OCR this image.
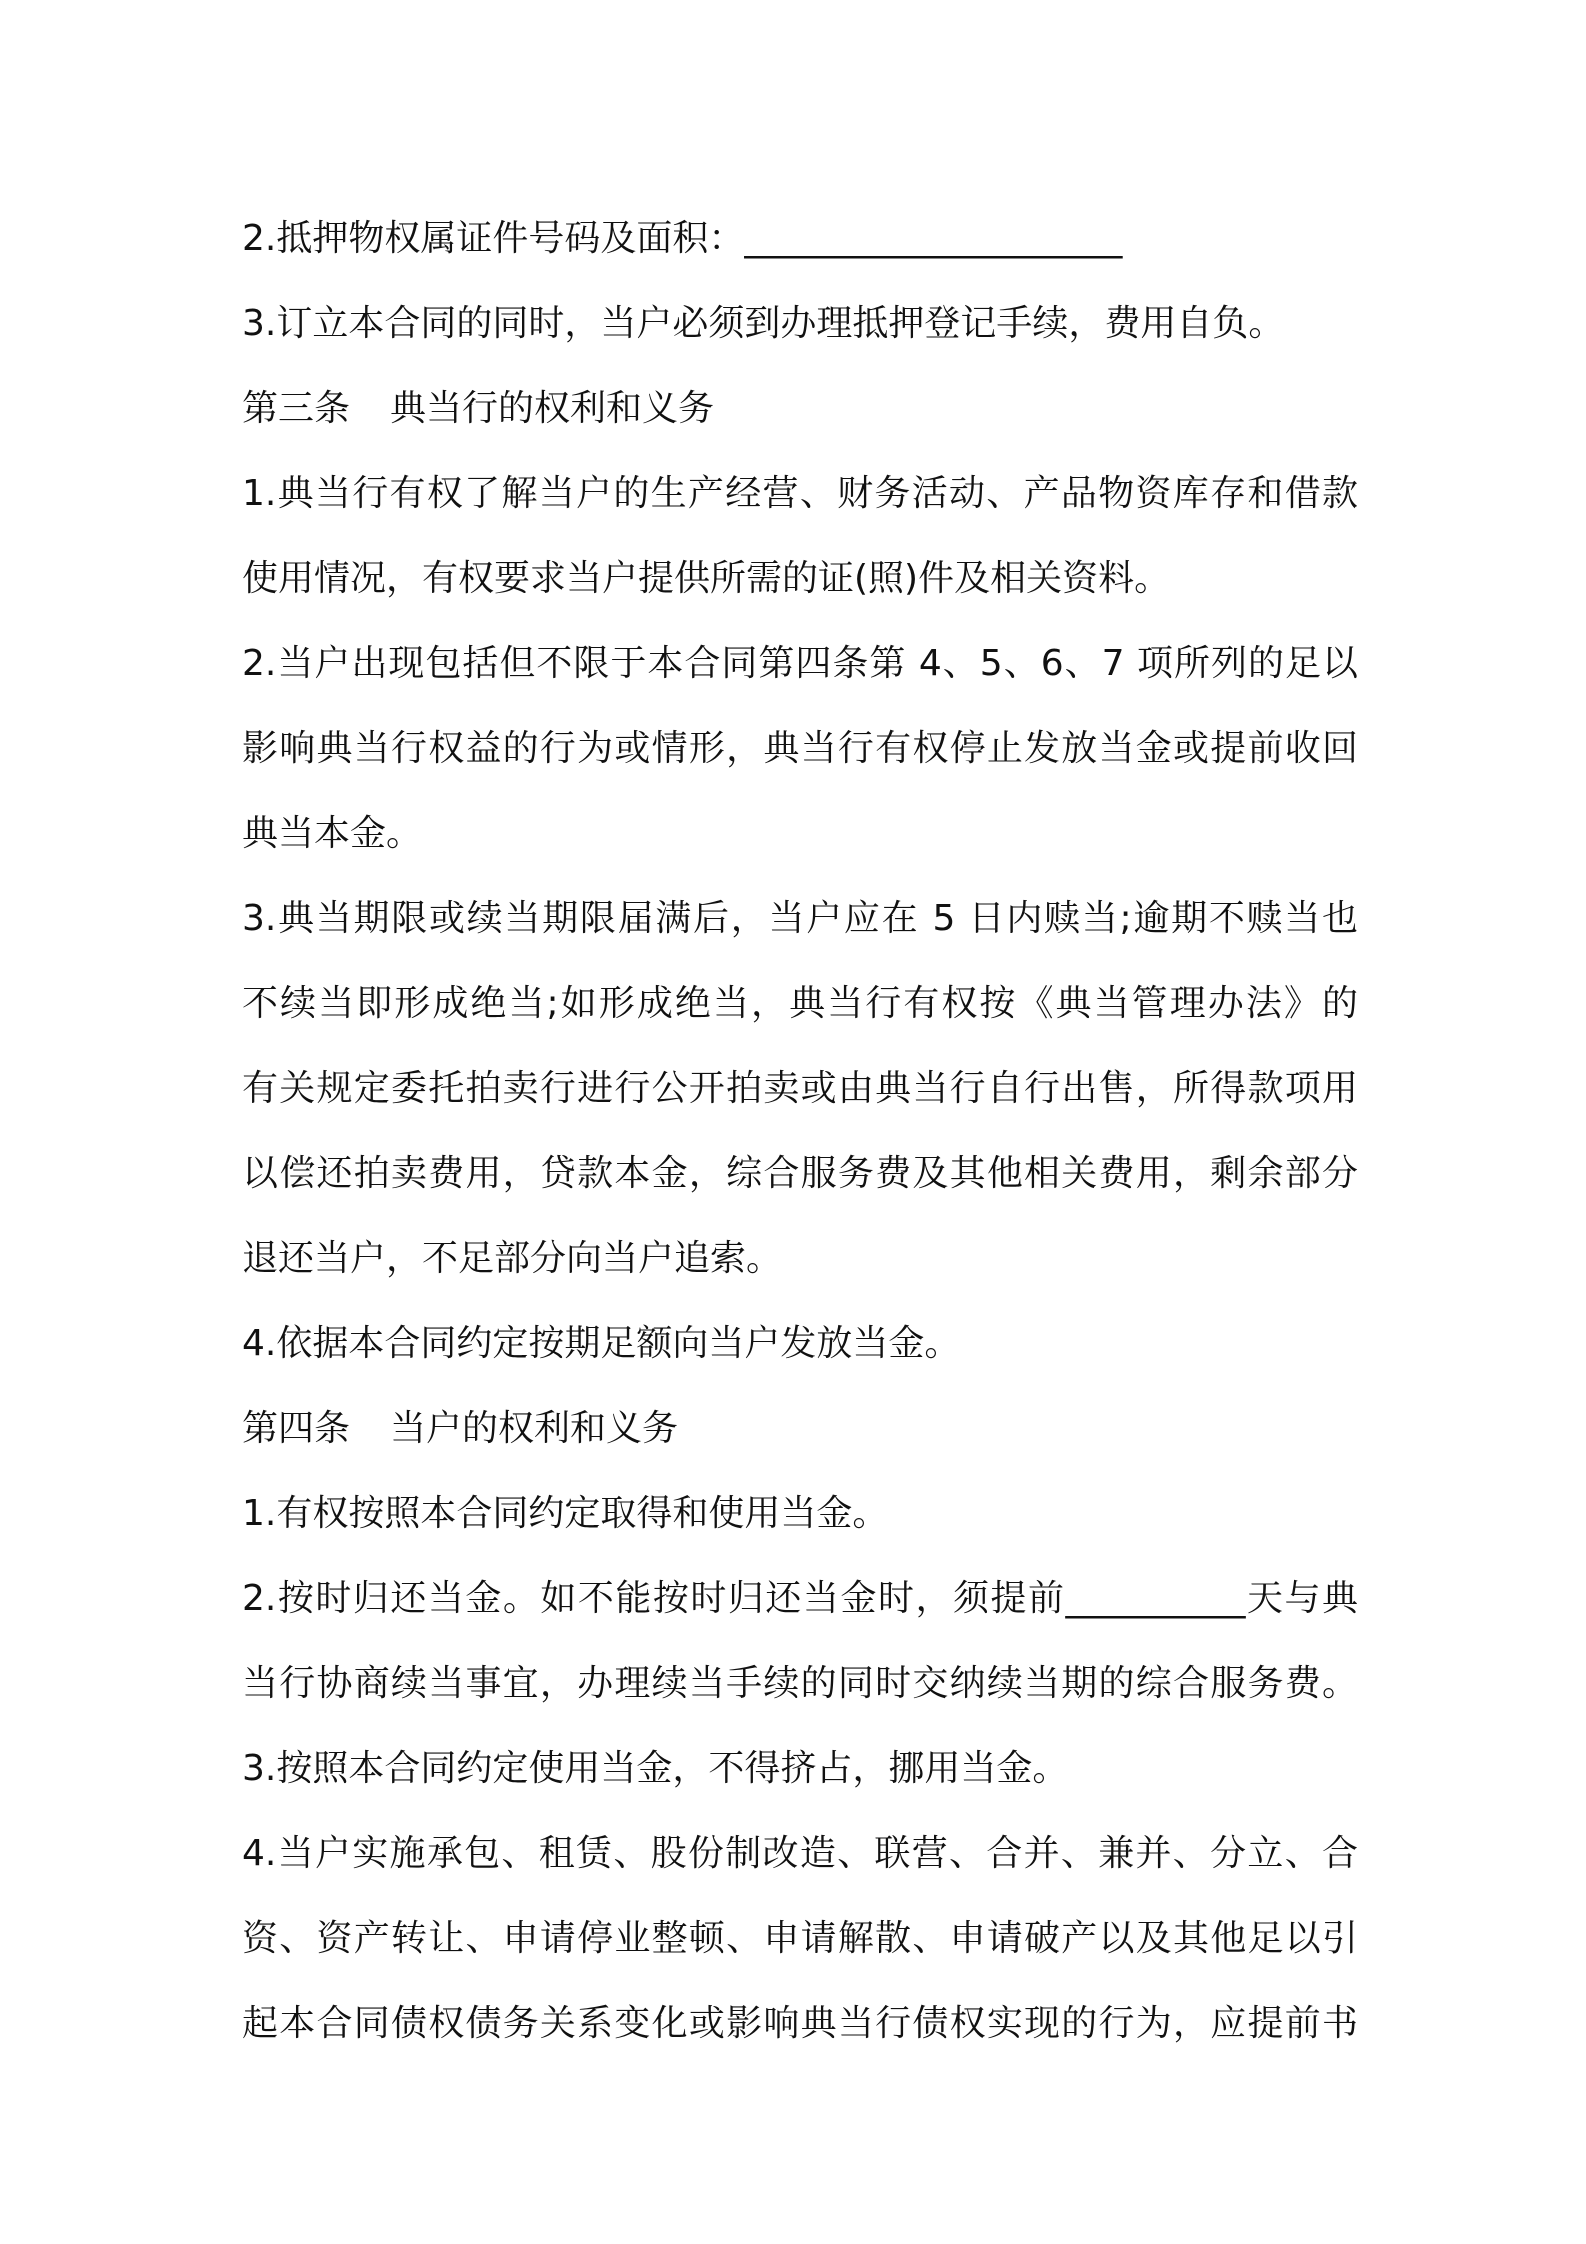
2.抵押物权属证件号码及面积：_____________________
3.订立本合同的同时，当户必须到办理抵押登记手续，费用自负。
第三条 典当行的权利和义务
1.典当行有权了解当户的生产经营、财务活动、产品物资库存和借款
使用情况，有权要求当户提供所需的证(照)件及相关资料。
2.当户出现包括但不限于本合同第四条第 4、5、6、7 项所列的足以
影响典当行权益的行为或情形，典当行有权停止发放当金或提前收回
典当本金。
3.典当期限或续当期限届满后，当户应在 5 日内赎当;逾期不赎当也
不续当即形成绝当;如形成绝当，典当行有权按《典当管理办法》的
有关规定委托拍卖行进行公开拍卖或由典当行自行出售，所得款项用
以偿还拍卖费用，贷款本金，综合服务费及其他相关费用，剩余部分
退还当户，不足部分向当户追索。
4.依据本合同约定按期足额向当户发放当金。
第四条 当户的权利和义务
1.有权按照本合同约定取得和使用当金。
2.按时归还当金。如不能按时归还当金时，须提前__________天与典
当行协商续当事宜，办理续当手续的同时交纳续当期的综合服务费。
3.按照本合同约定使用当金，不得挤占，挪用当金。
4.当户实施承包、租赁、股份制改造、联营、合并、兼并、分立、合
资、资产转让、申请停业整顿、申请解散、申请破产以及其他足以引
起本合同债权债务关系变化或影响典当行债权实现的行为，应提前书
